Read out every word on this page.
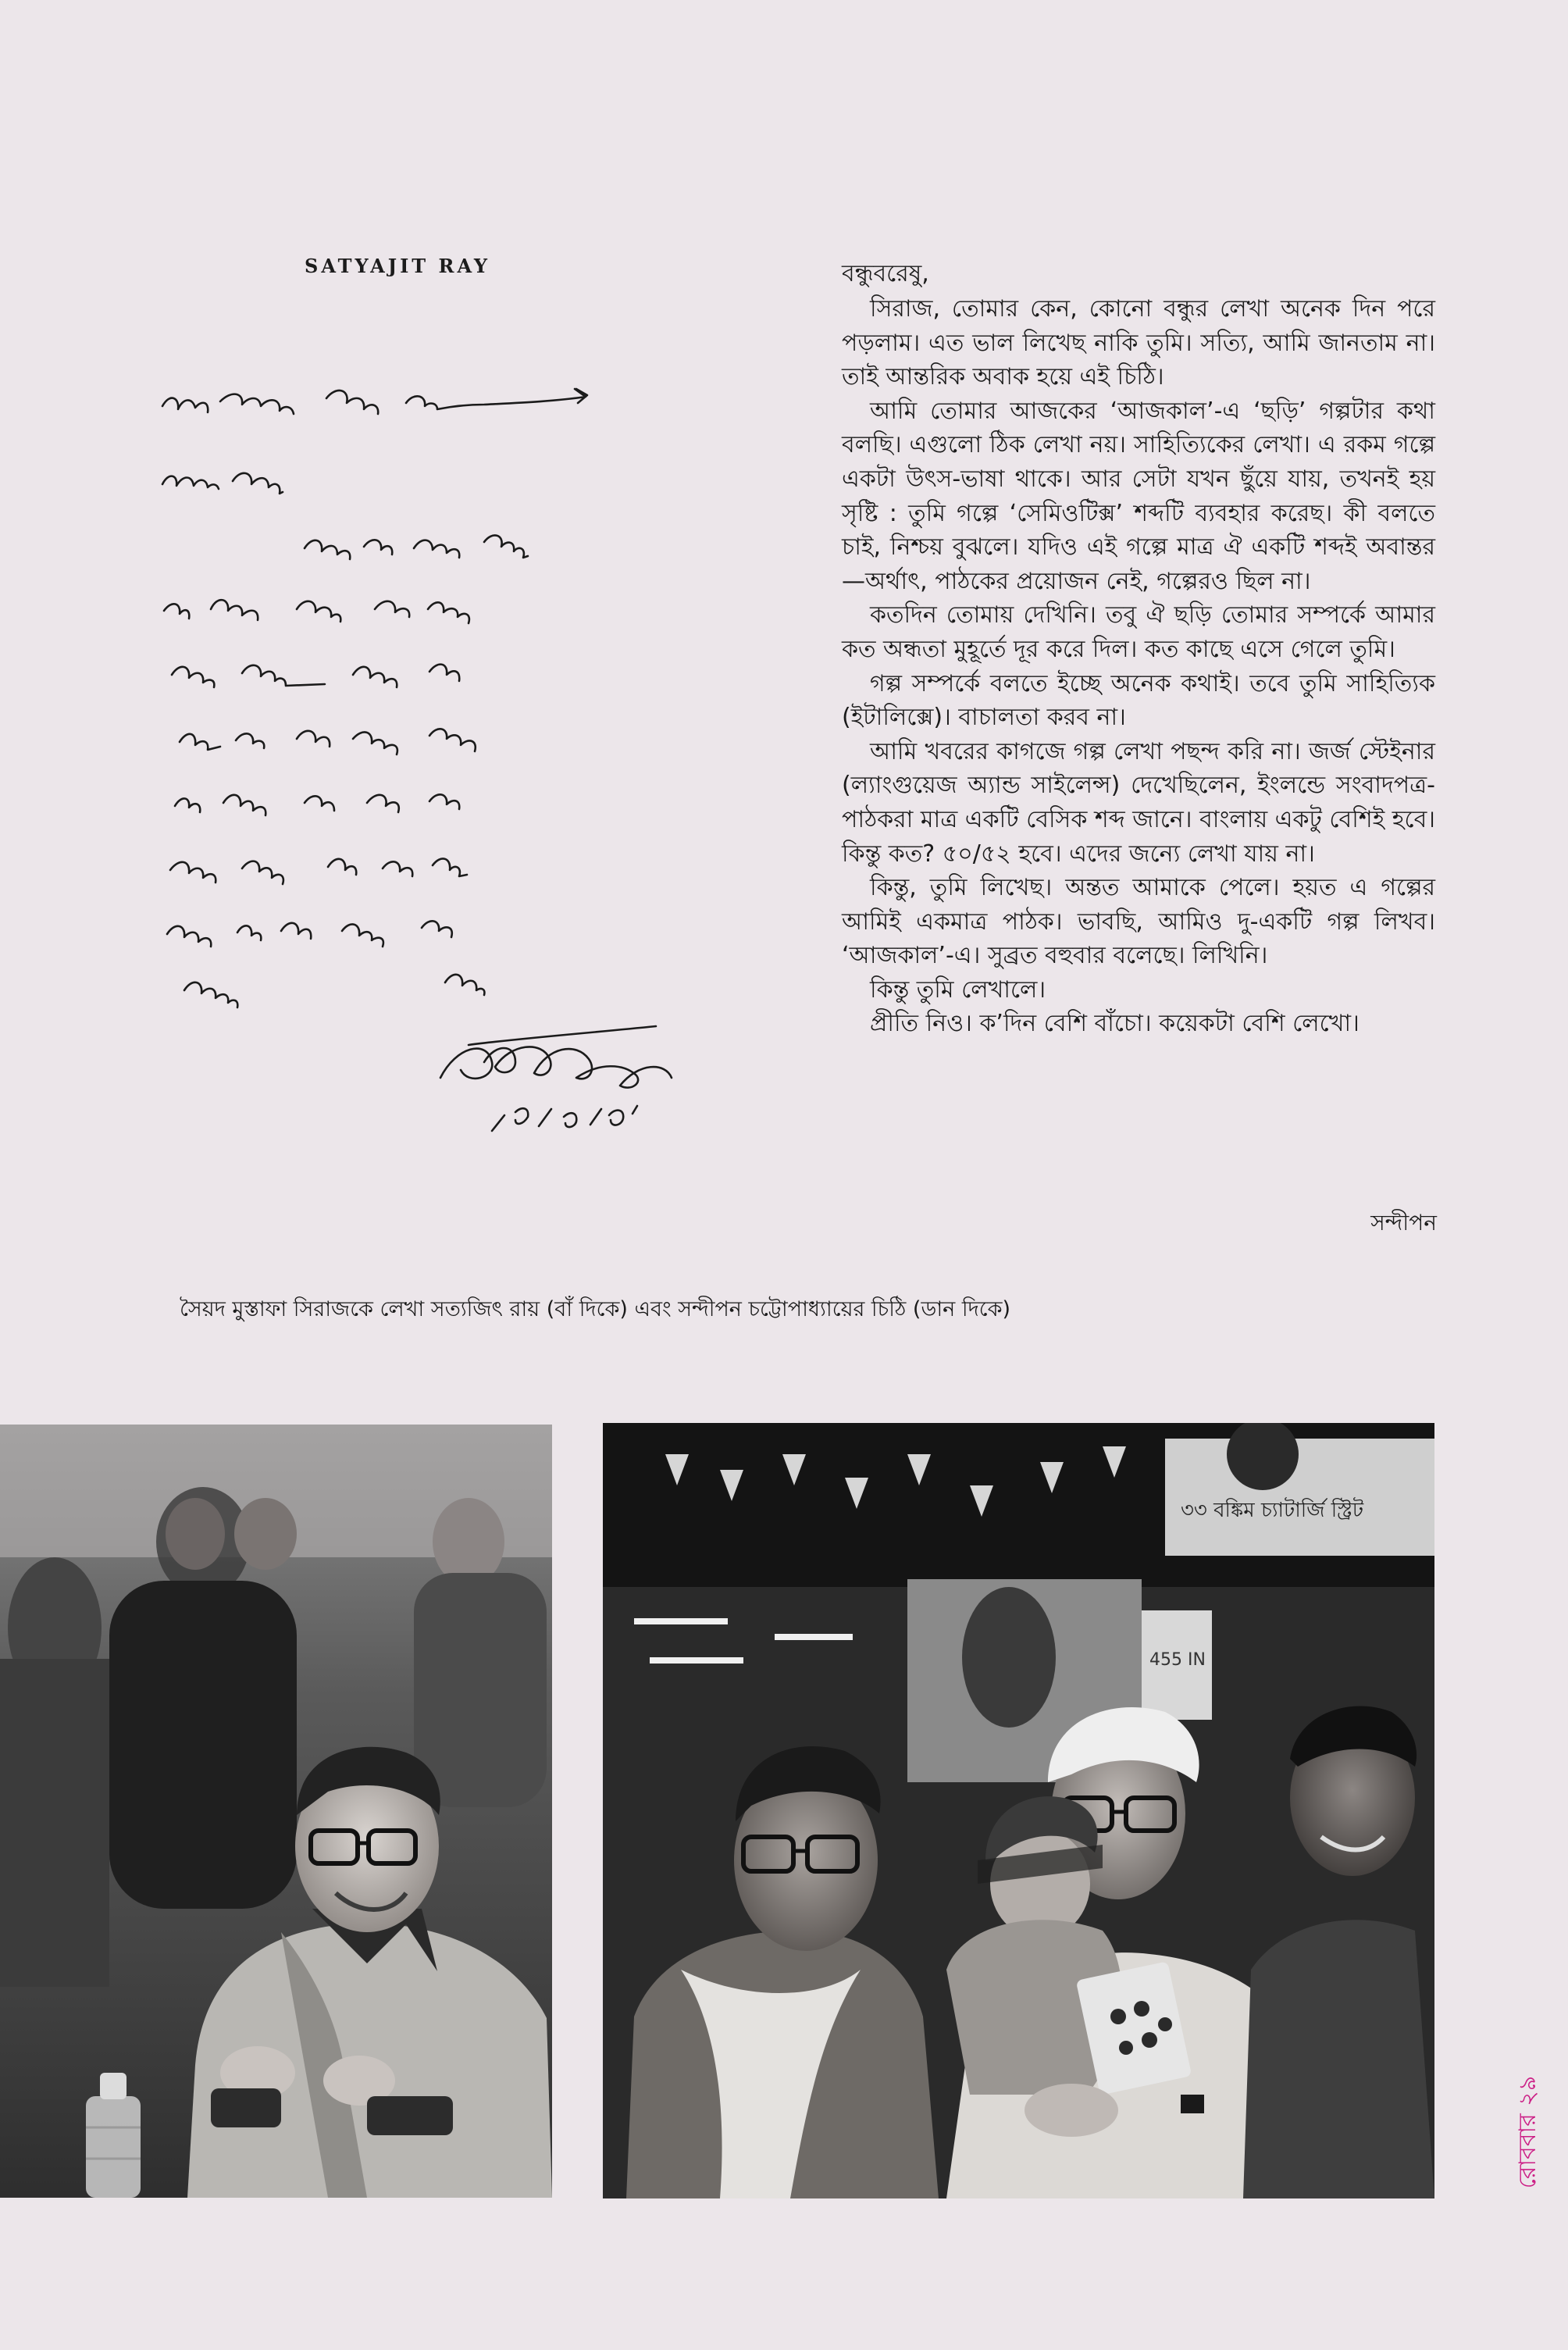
SATYAJIT RAY	বন্ধুবরেষু,

সিরাজ, তোমার কেন, কোনো বন্ধুর লেখা অনেক দিন পরে পড়লাম। এত ভাল লিখেছ নাকি তুমি। সত্যি, আমি জানতাম না। তাই আন্তরিক অবাক হয়ে এই চিঠি।

আমি তোমার আজকের ‘আজকাল’-এ ‘ছড়ি’ গল্পটার কথা বলছি। এগুলো ঠিক লেখা নয়। সাহিত্যিকের লেখা। এ রকম গল্পে একটা উৎস-ভাষা থাকে। আর সেটা যখন ছুঁয়ে যায়, তখনই হয় সৃষ্টি : তুমি গল্পে ‘সেমিওটিক্স’ শব্দটি ব্যবহার করেছ। কী বলতে চাই, নিশ্চয় বুঝলে। যদিও এই গল্পে মাত্র ঐ একটি শব্দই অবান্তর—অর্থাৎ, পাঠকের প্রয়োজন নেই, গল্পেরও ছিল না।

কতদিন তোমায় দেখিনি। তবু ঐ ছড়ি তোমার সম্পর্কে আমার কত অন্ধতা মুহূর্তে দূর করে দিল। কত কাছে এসে গেলে তুমি।

গল্প সম্পর্কে বলতে ইচ্ছে অনেক কথাই। তবে তুমি সাহিত্যিক (ইটালিক্সে)। বাচালতা করব না।

আমি খবরের কাগজে গল্প লেখা পছন্দ করি না। জর্জ স্টেইনার (ল্যাংগুয়েজ অ্যান্ড সাইলেন্স) দেখেছিলেন, ইংলন্ডে সংবাদপত্র-পাঠকরা মাত্র একটি বেসিক শব্দ জানে। বাংলায় একটু বেশিই হবে। কিন্তু কত? ৫০/৫২ হবে। এদের জন্যে লেখা যায় না।

কিন্তু, তুমি লিখেছ। অন্তত আমাকে পেলে। হয়ত এ গল্পের আমিই একমাত্র পাঠক। ভাবছি, আমিও দু-একটি গল্প লিখব। ‘আজকাল’-এ। সুব্রত বহুবার বলেছে। লিখিনি।

কিন্তু তুমি লেখালে।

প্রীতি নিও। ক’দিন বেশি বাঁচো। কয়েকটা বেশি লেখো।

সন্দীপন
সৈয়দ মুস্তাফা সিরাজকে লেখা সত্যজিৎ রায় (বাঁ দিকে) এবং সন্দীপন চট্টোপাধ্যায়ের চিঠি (ডান দিকে)
৩৩ বঙ্কিম চ্যাটার্জি স্ট্রিট
455 IN
রোববার ২৯
